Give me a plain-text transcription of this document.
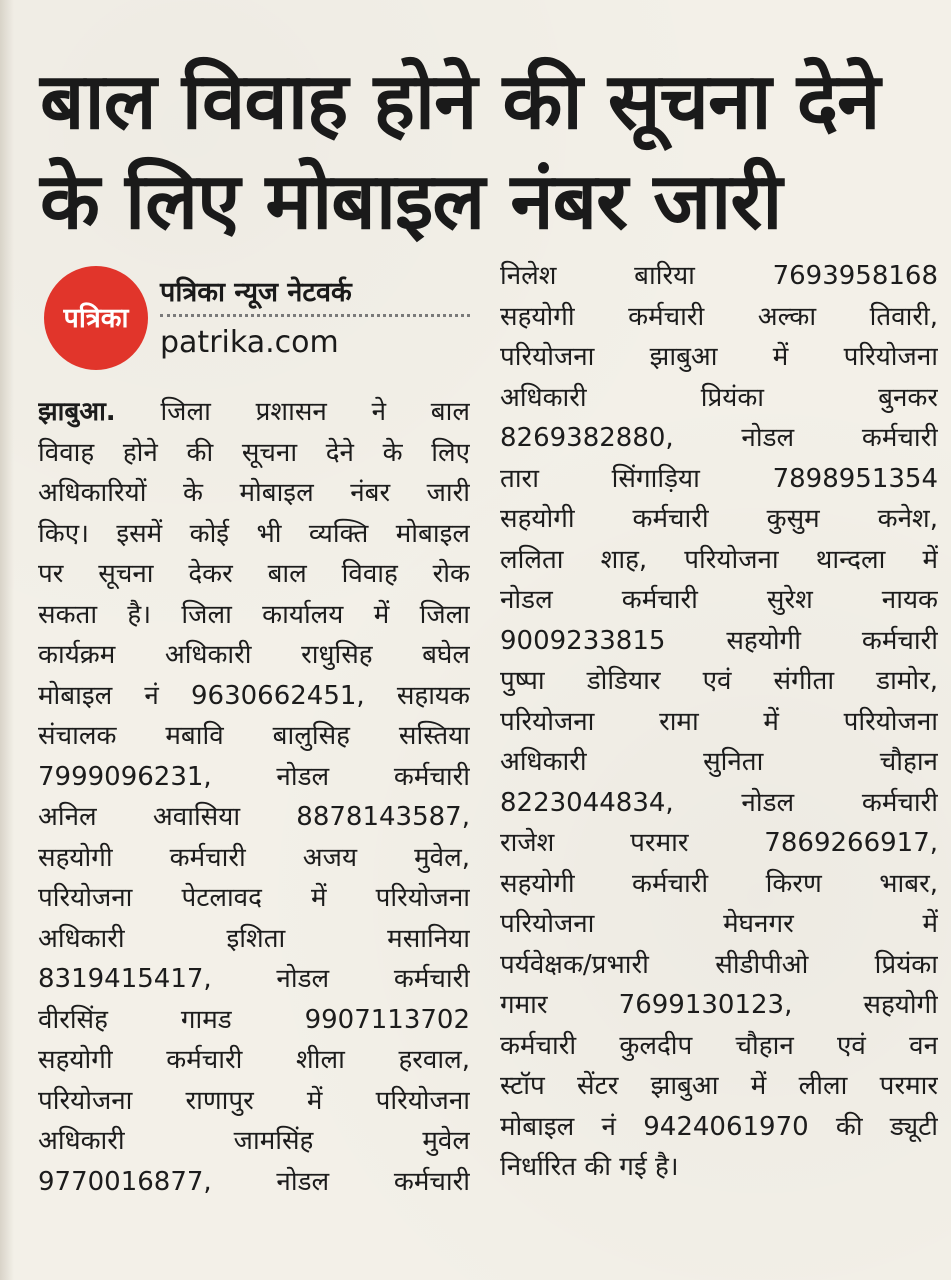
बाल विवाह होने की सूचना देने
के लिए मोबाइल नंबर जारी
पत्रिका
पत्रिका न्यूज नेटवर्क
patrika.com
झाबुआ. जिला प्रशासन ने बाल
विवाह होने की सूचना देने के लिए
अधिकारियों के मोबाइल नंबर जारी
किए। इसमें कोई भी व्यक्ति मोबाइल
पर सूचना देकर बाल विवाह रोक
सकता है। जिला कार्यालय में जिला
कार्यक्रम अधिकारी राधुसिह बघेल
मोबाइल नं 9630662451, सहायक
संचालक मबावि बालुसिह सस्तिया
7999096231, नोडल कर्मचारी
अनिल अवासिया 8878143587,
सहयोगी कर्मचारी अजय मुवेल,
परियोजना पेटलावद में परियोजना
अधिकारी इशिता मसानिया
8319415417, नोडल कर्मचारी
वीरसिंह गामड 9907113702
सहयोगी कर्मचारी शीला हरवाल,
परियोजना राणापुर में परियोजना
अधिकारी जामसिंह मुवेल
9770016877, नोडल कर्मचारी
निलेश बारिया 7693958168
सहयोगी कर्मचारी अल्का तिवारी,
परियोजना झाबुआ में परियोजना
अधिकारी प्रियंका बुनकर
8269382880, नोडल कर्मचारी
तारा सिंगाड़िया 7898951354
सहयोगी कर्मचारी कुसुम कनेश,
ललिता शाह, परियोजना थान्दला में
नोडल कर्मचारी सुरेश नायक
9009233815 सहयोगी कर्मचारी
पुष्पा डोडियार एवं संगीता डामोर,
परियोजना रामा में परियोजना
अधिकारी सुनिता चौहान
8223044834, नोडल कर्मचारी
राजेश परमार 7869266917,
सहयोगी कर्मचारी किरण भाबर,
परियोजना मेघनगर में
पर्यवेक्षक/प्रभारी सीडीपीओ प्रियंका
गमार 7699130123, सहयोगी
कर्मचारी कुलदीप चौहान एवं वन
स्टॉप सेंटर झाबुआ में लीला परमार
मोबाइल नं 9424061970 की ड्यूटी
निर्धारित की गई है।
